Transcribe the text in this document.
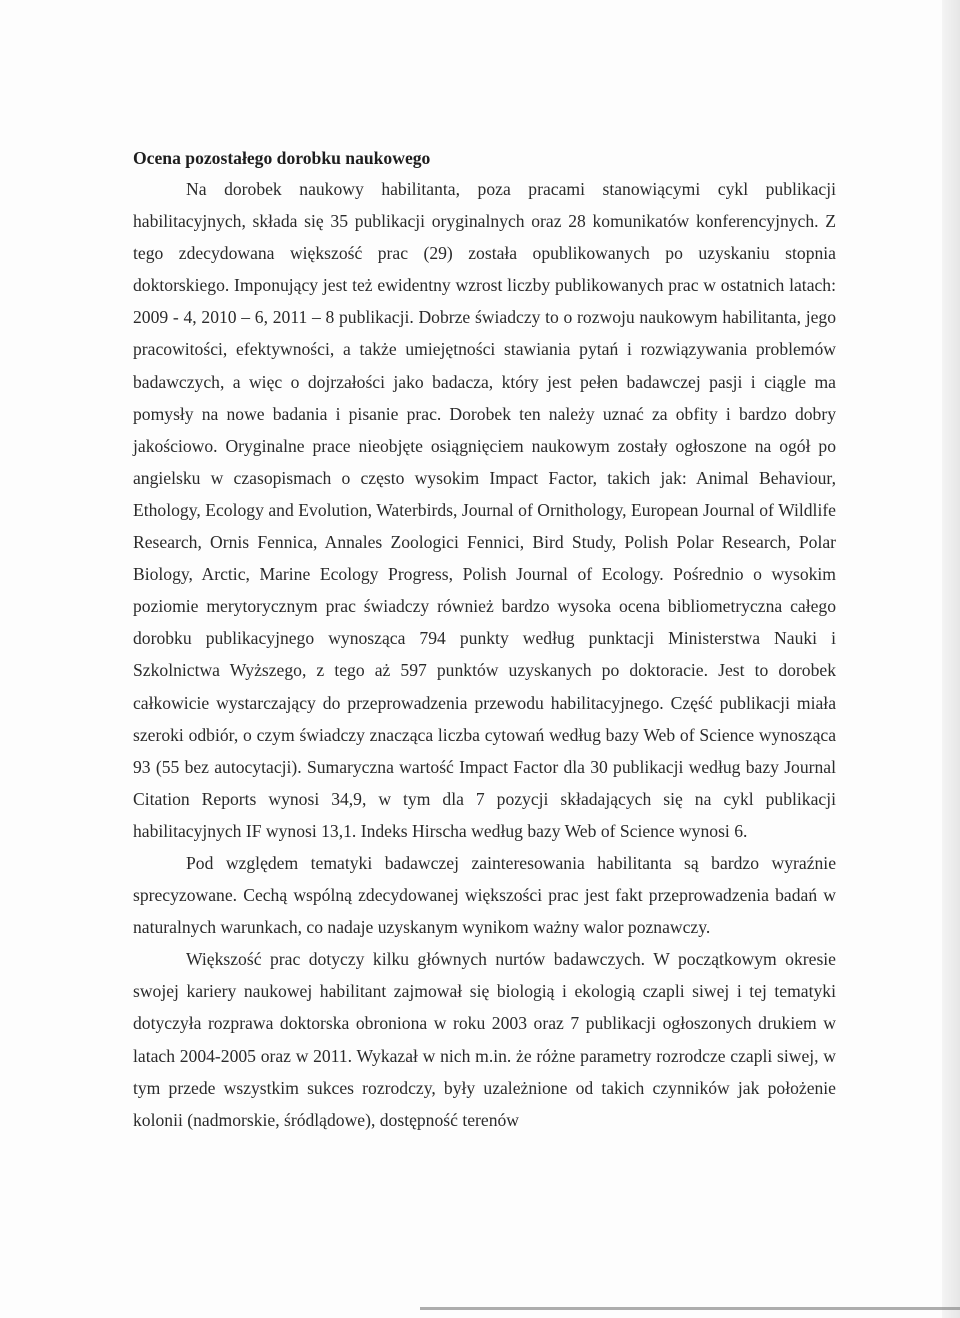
Ocena pozostałego dorobku naukowego

Na dorobek naukowy habilitanta, poza pracami stanowiącymi cykl publikacji habilitacyjnych, składa się 35 publikacji oryginalnych oraz 28 komunikatów konferencyjnych. Z tego zdecydowana większość prac (29) została opublikowanych po uzyskaniu stopnia doktorskiego. Imponujący jest też ewidentny wzrost liczby publikowanych prac w ostatnich latach: 2009 - 4, 2010 – 6, 2011 – 8 publikacji. Dobrze świadczy to o rozwoju naukowym habilitanta, jego pracowitości, efektywności, a także umiejętności stawiania pytań i rozwiązywania problemów badawczych, a więc o dojrzałości jako badacza, który jest pełen badawczej pasji i ciągle ma pomysły na nowe badania i pisanie prac. Dorobek ten należy uznać za obfity i bardzo dobry jakościowo. Oryginalne prace nieobjęte osiągnięciem naukowym zostały ogłoszone na ogół po angielsku w czasopismach o często wysokim Impact Factor, takich jak: Animal Behaviour, Ethology, Ecology and Evolution, Waterbirds, Journal of Ornithology, European Journal of Wildlife Research, Ornis Fennica, Annales Zoologici Fennici, Bird Study, Polish Polar Research, Polar Biology, Arctic, Marine Ecology Progress, Polish Journal of Ecology. Pośrednio o wysokim poziomie merytorycznym prac świadczy również bardzo wysoka ocena bibliometryczna całego dorobku publikacyjnego wynosząca 794 punkty według punktacji Ministerstwa Nauki i Szkolnictwa Wyższego, z tego aż 597 punktów uzyskanych po doktoracie. Jest to dorobek całkowicie wystarczający do przeprowadzenia przewodu habilitacyjnego. Część publikacji miała szeroki odbiór, o czym świadczy znacząca liczba cytowań według bazy Web of Science wynosząca 93 (55 bez autocytacji). Sumaryczna wartość Impact Factor dla 30 publikacji według bazy Journal Citation Reports wynosi 34,9, w tym dla 7 pozycji składających się na cykl publikacji habilitacyjnych IF wynosi 13,1. Indeks Hirscha według bazy Web of Science wynosi 6.

Pod względem tematyki badawczej zainteresowania habilitanta są bardzo wyraźnie sprecyzowane. Cechą wspólną zdecydowanej większości prac jest fakt przeprowadzenia badań w naturalnych warunkach, co nadaje uzyskanym wynikom ważny walor poznawczy.

Większość prac dotyczy kilku głównych nurtów badawczych. W początkowym okresie swojej kariery naukowej habilitant zajmował się biologią i ekologią czapli siwej i tej tematyki dotyczyła rozprawa doktorska obroniona w roku 2003 oraz 7 publikacji ogłoszonych drukiem w latach 2004-2005 oraz w 2011. Wykazał w nich m.in. że różne parametry rozrodcze czapli siwej, w tym przede wszystkim sukces rozrodczy, były uzależnione od takich czynników jak położenie kolonii (nadmorskie, śródlądowe), dostępność terenów
